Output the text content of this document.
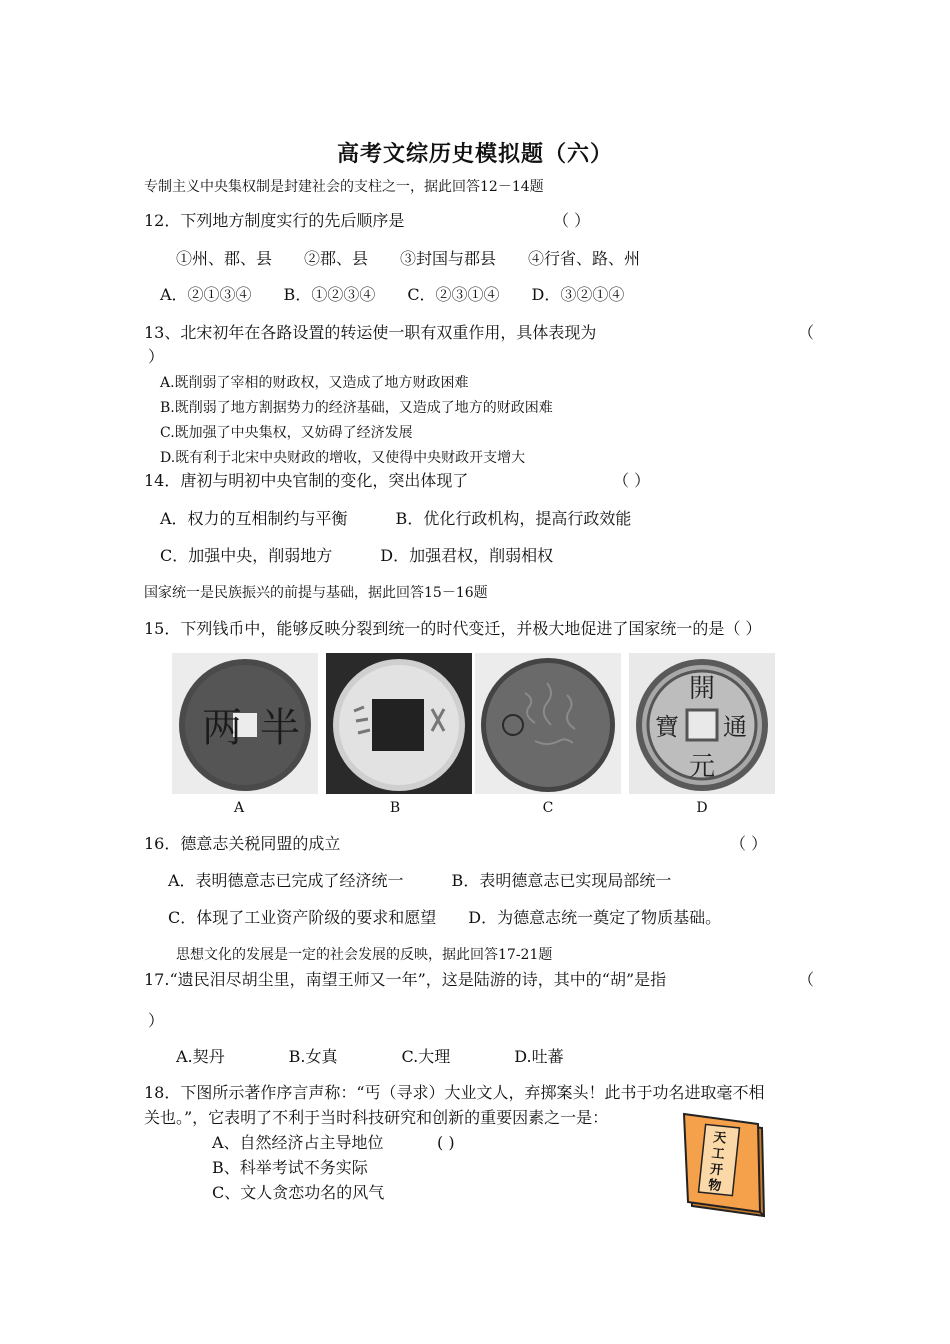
高考文综历史模拟题（六）
专制主义中央集权制是封建社会的支柱之一，据此回答12－14题
12．下列地方制度实行的先后顺序是	（ ）
①州、郡、县　　②郡、县　　③封国与郡县　　④行省、路、州
A．②①③④　　B．①②③④　　C．②③①④　　D．③②①④
13、北宋初年在各路设置的转运使一职有双重作用，具体表现为	（
）
A.既削弱了宰相的财政权，又造成了地方财政困难
B.既削弱了地方割据势力的经济基础，又造成了地方的财政困难
C.既加强了中央集权，又妨碍了经济发展
D.既有利于北宋中央财政的增收，又使得中央财政开支增大
14．唐初与明初中央官制的变化，突出体现了	（ ）
A．权力的互相制约与平衡　　　B．优化行政机构，提高行政效能
C．加强中央，削弱地方　　　D．加强君权，削弱相权
国家统一是民族振兴的前提与基础，据此回答15－16题
15．下列钱币中，能够反映分裂到统一的时代变迁，并极大地促进了国家统一的是（ ）
两 半
開
元
通
寶
A	B	C	D
16．德意志关税同盟的成立	（ ）
A．表明德意志已完成了经济统一　　　B．表明德意志已实现局部统一
C．体现了工业资产阶级的要求和愿望　　D．为德意志统一奠定了物质基础。
思想文化的发展是一定的社会发展的反映，据此回答17-21题
17.“遗民泪尽胡尘里，南望王师又一年”，这是陆游的诗，其中的“胡”是指	（
）
A.契丹　　　　B.女真　　　　C.大理　　　　D.吐蕃
18．下图所示著作序言声称：“丐（寻求）大业文人，弃掷案头！此书于功名进取毫不相
关也。”，它表明了不利于当时科技研究和创新的重要因素之一是：
A、自然经济占主导地位	( )
B、科举考试不务实际
C、文人贪恋功名的风气
天
工
开
物
